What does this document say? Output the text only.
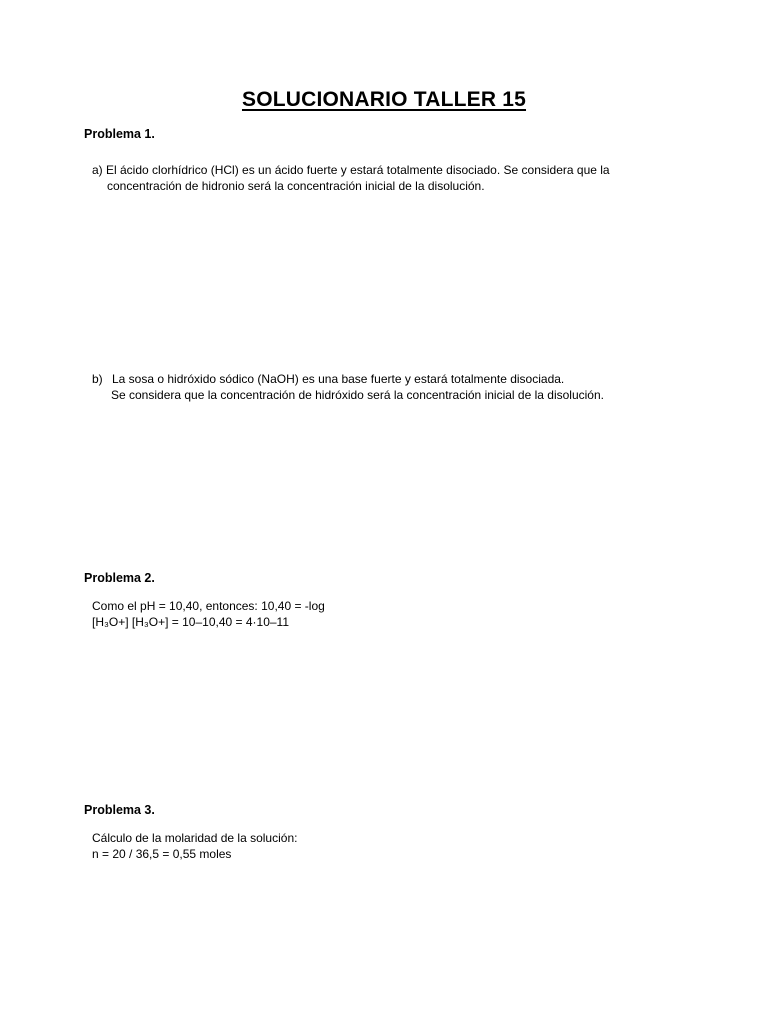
SOLUCIONARIO TALLER 15
Problema 1.
a) El ácido clorhídrico (HCl) es un ácido fuerte y estará totalmente disociado. Se considera que la
concentración de hidronio será la concentración inicial de la disolución.
b) La sosa o hidróxido sódico (NaOH) es una base fuerte y estará totalmente disociada.
Se considera que la concentración de hidróxido será la concentración inicial de la disolución.
Problema 2.
Como el pH = 10,40, entonces: 10,40 = -log
[H₃O+] [H₃O+] = 10–10,40 = 4·10–11
Problema 3.
Cálculo de la molaridad de la solución:
n = 20 / 36,5 = 0,55 moles
